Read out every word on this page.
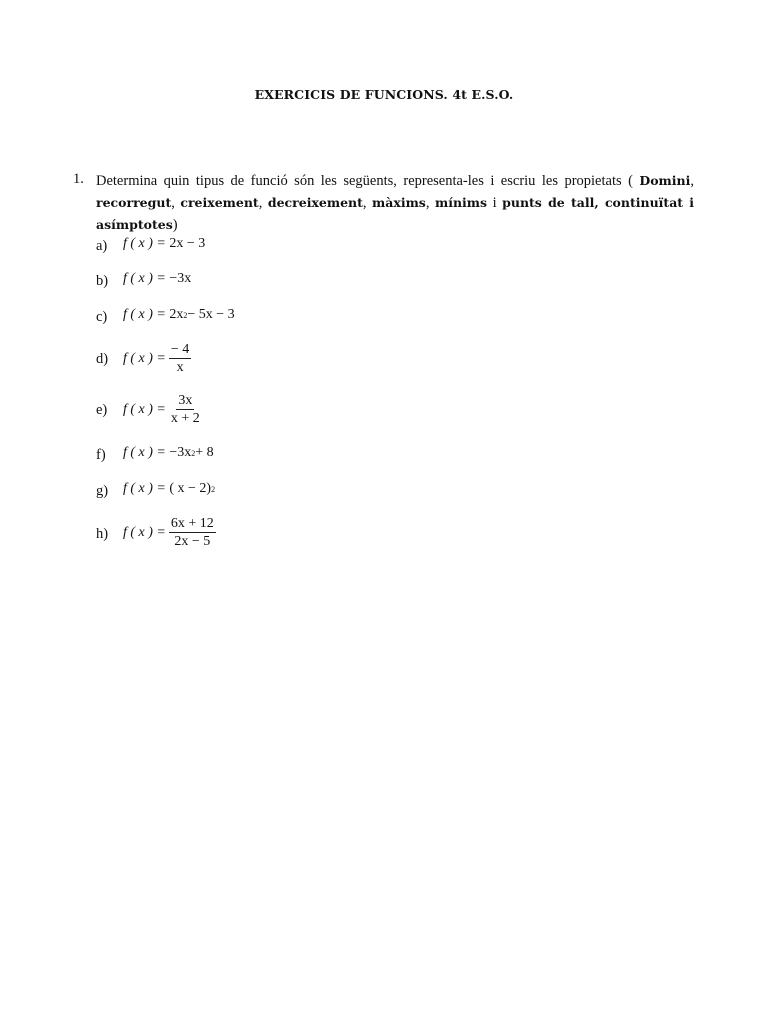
EXERCICIS DE FUNCIONS. 4t E.S.O.
1. Determina quin tipus de funció són les següents, representa-les i escriu les propietats ( Domini, recorregut, creixement, decreixement, màxims, mínims i punts de tall, continuïtat i asímptotes)
a) f ( x ) =
2x − 3
b) f ( x ) =
−3x
c) f ( x ) =
2x 2 − 5x − 3
d) f ( x ) = $\frac{- 4}{x}$
e) f ( x ) = $\frac{3x}{x + 2}$
f) f ( x ) =
−3x 2 + 8
g) f ( x ) =
( x − 2) 2
h) f ( x ) = $\frac{6x + 12}{2x - 5}$
